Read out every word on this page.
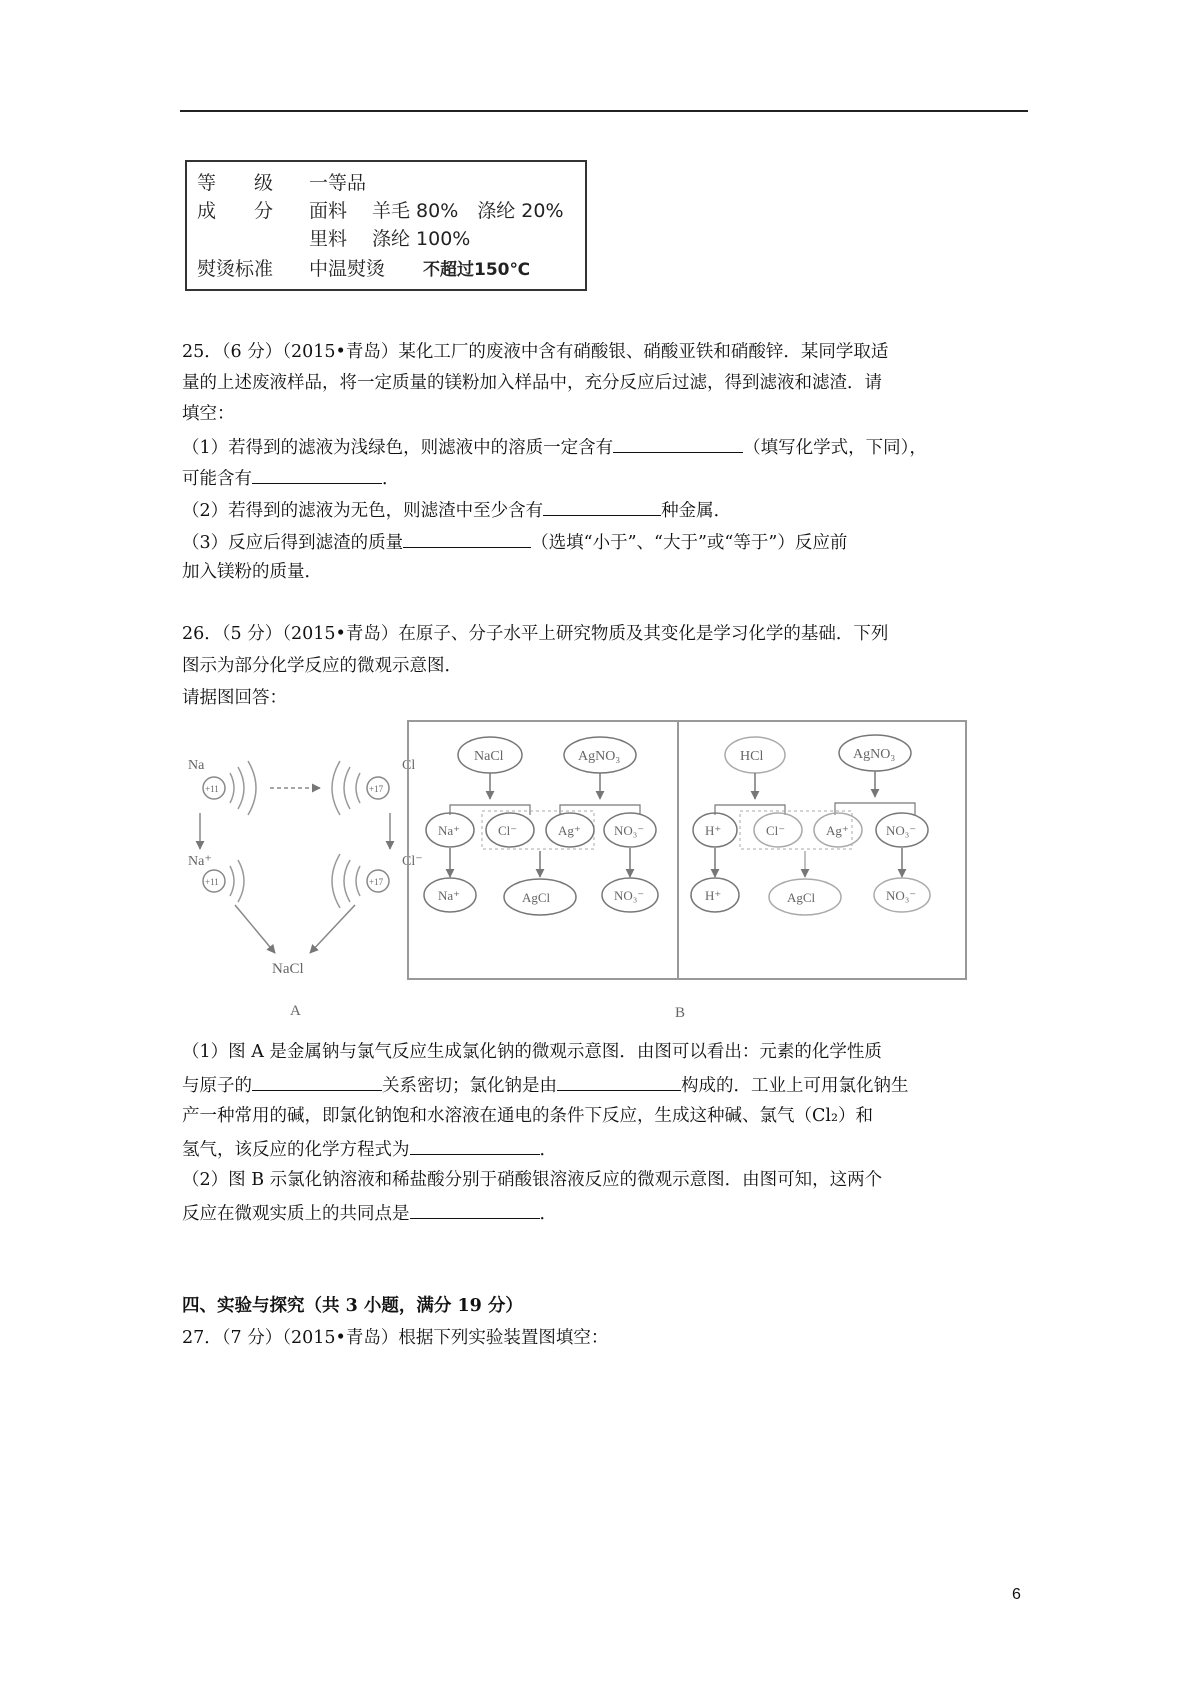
等　　级 一等品
成　　分 面料 羊毛 80%　涤纶 20%
里料 涤纶 100%
熨烫标准 中温熨烫 不超过150℃
25．（6 分）（2015•青岛）某化工厂的废液中含有硝酸银、硝酸亚铁和硝酸锌．某同学取适
量的上述废液样品，将一定质量的镁粉加入样品中，充分反应后过滤，得到滤液和滤渣．请
填空：
（1）若得到的滤液为浅绿色，则滤液中的溶质一定含有	（填写化学式，下同），
可能含有	．
（2）若得到的滤液为无色，则滤渣中至少含有	种金属．
（3）反应后得到滤渣的质量	（选填“小于”、“大于”或“等于”）反应前
加入镁粉的质量．
26．（5 分）（2015•青岛）在原子、分子水平上研究物质及其变化是学习化学的基础．下列
图示为部分化学反应的微观示意图．
请据图回答：
Na
+11	+17
Cl
Na⁺
+11	+17
Cl⁻
NaCl
A
NaCl	AgNO₃
Na⁺	Cl⁻	Ag⁺	NO₃⁻
Na⁺	AgCl	NO₃⁻
HCl	AgNO₃
H⁺	Cl⁻	Ag⁺	NO₃⁻
H⁺	AgCl	NO₃⁻
B
（1）图 A 是金属钠与氯气反应生成氯化钠的微观示意图．由图可以看出：元素的化学性质
与原子的	关系密切；氯化钠是由	构成的．工业上可用氯化钠生
产一种常用的碱，即氯化钠饱和水溶液在通电的条件下反应，生成这种碱、氯气（Cl₂）和
氢气，该反应的化学方程式为	．
（2）图 B 示氯化钠溶液和稀盐酸分别于硝酸银溶液反应的微观示意图．由图可知，这两个
反应在微观实质上的共同点是	．
四、实验与探究（共 3 小题，满分 19 分）
27．（7 分）（2015•青岛）根据下列实验装置图填空：
6
